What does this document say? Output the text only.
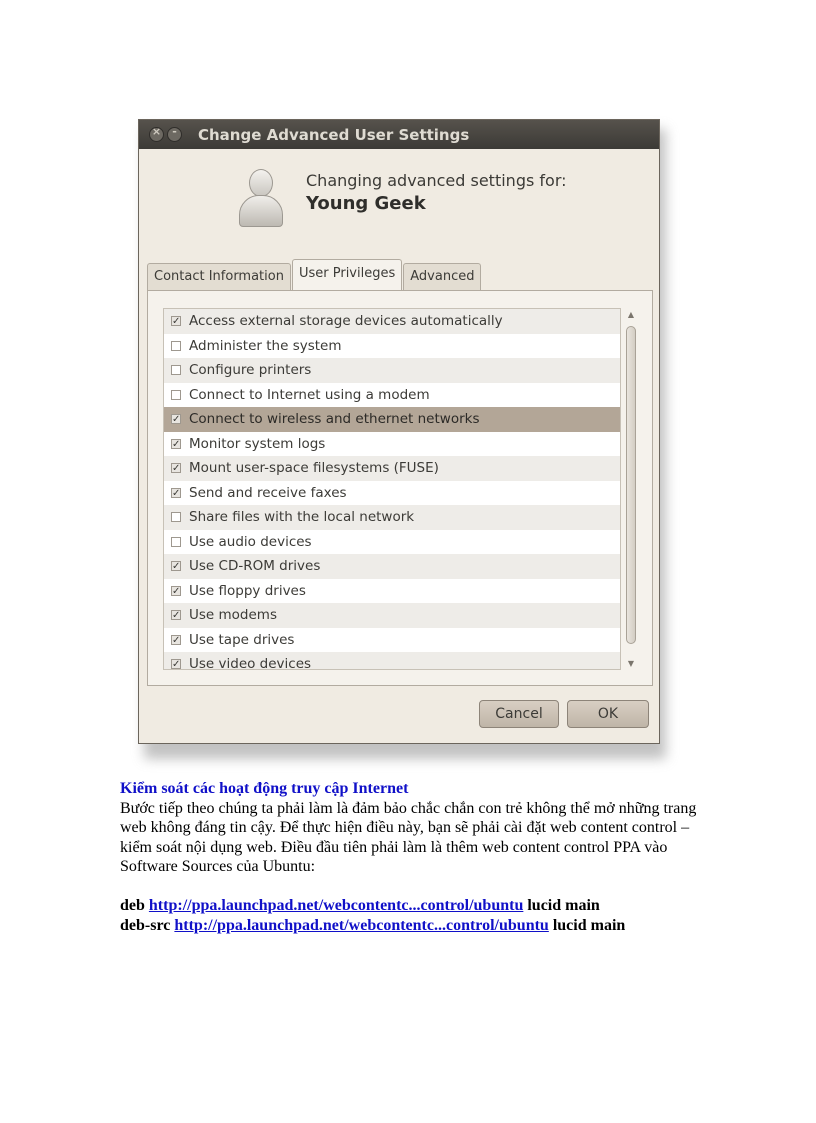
×	- Change Advanced User Settings
Changing advanced settings for:
Young Geek
Contact Information	User Privileges	Advanced
✓ Access external storage devices automatically
Administer the system
Configure printers
Connect to Internet using a modem
✓ Connect to wireless and ethernet networks
✓ Monitor system logs
✓ Mount user-space filesystems (FUSE)
✓ Send and receive faxes
Share files with the local network
Use audio devices
✓ Use CD-ROM drives
✓ Use floppy drives
✓ Use modems
✓ Use tape drives
✓ Use video devices
▲
▼
Cancel	OK
Kiểm soát các hoạt động truy cập Internet

Bước tiếp theo chúng ta phải làm là đảm bảo chắc chắn con trẻ không thể mở những trang web không đáng tin cậy. Để thực hiện điều này, bạn sẽ phải cài đặt web content control – kiểm soát nội dụng web. Điều đầu tiên phải làm là thêm web content control PPA vào Software Sources của Ubuntu:

deb http://ppa.launchpad.net/webcontentc...control/ubuntu lucid main
deb-src http://ppa.launchpad.net/webcontentc...control/ubuntu lucid main
